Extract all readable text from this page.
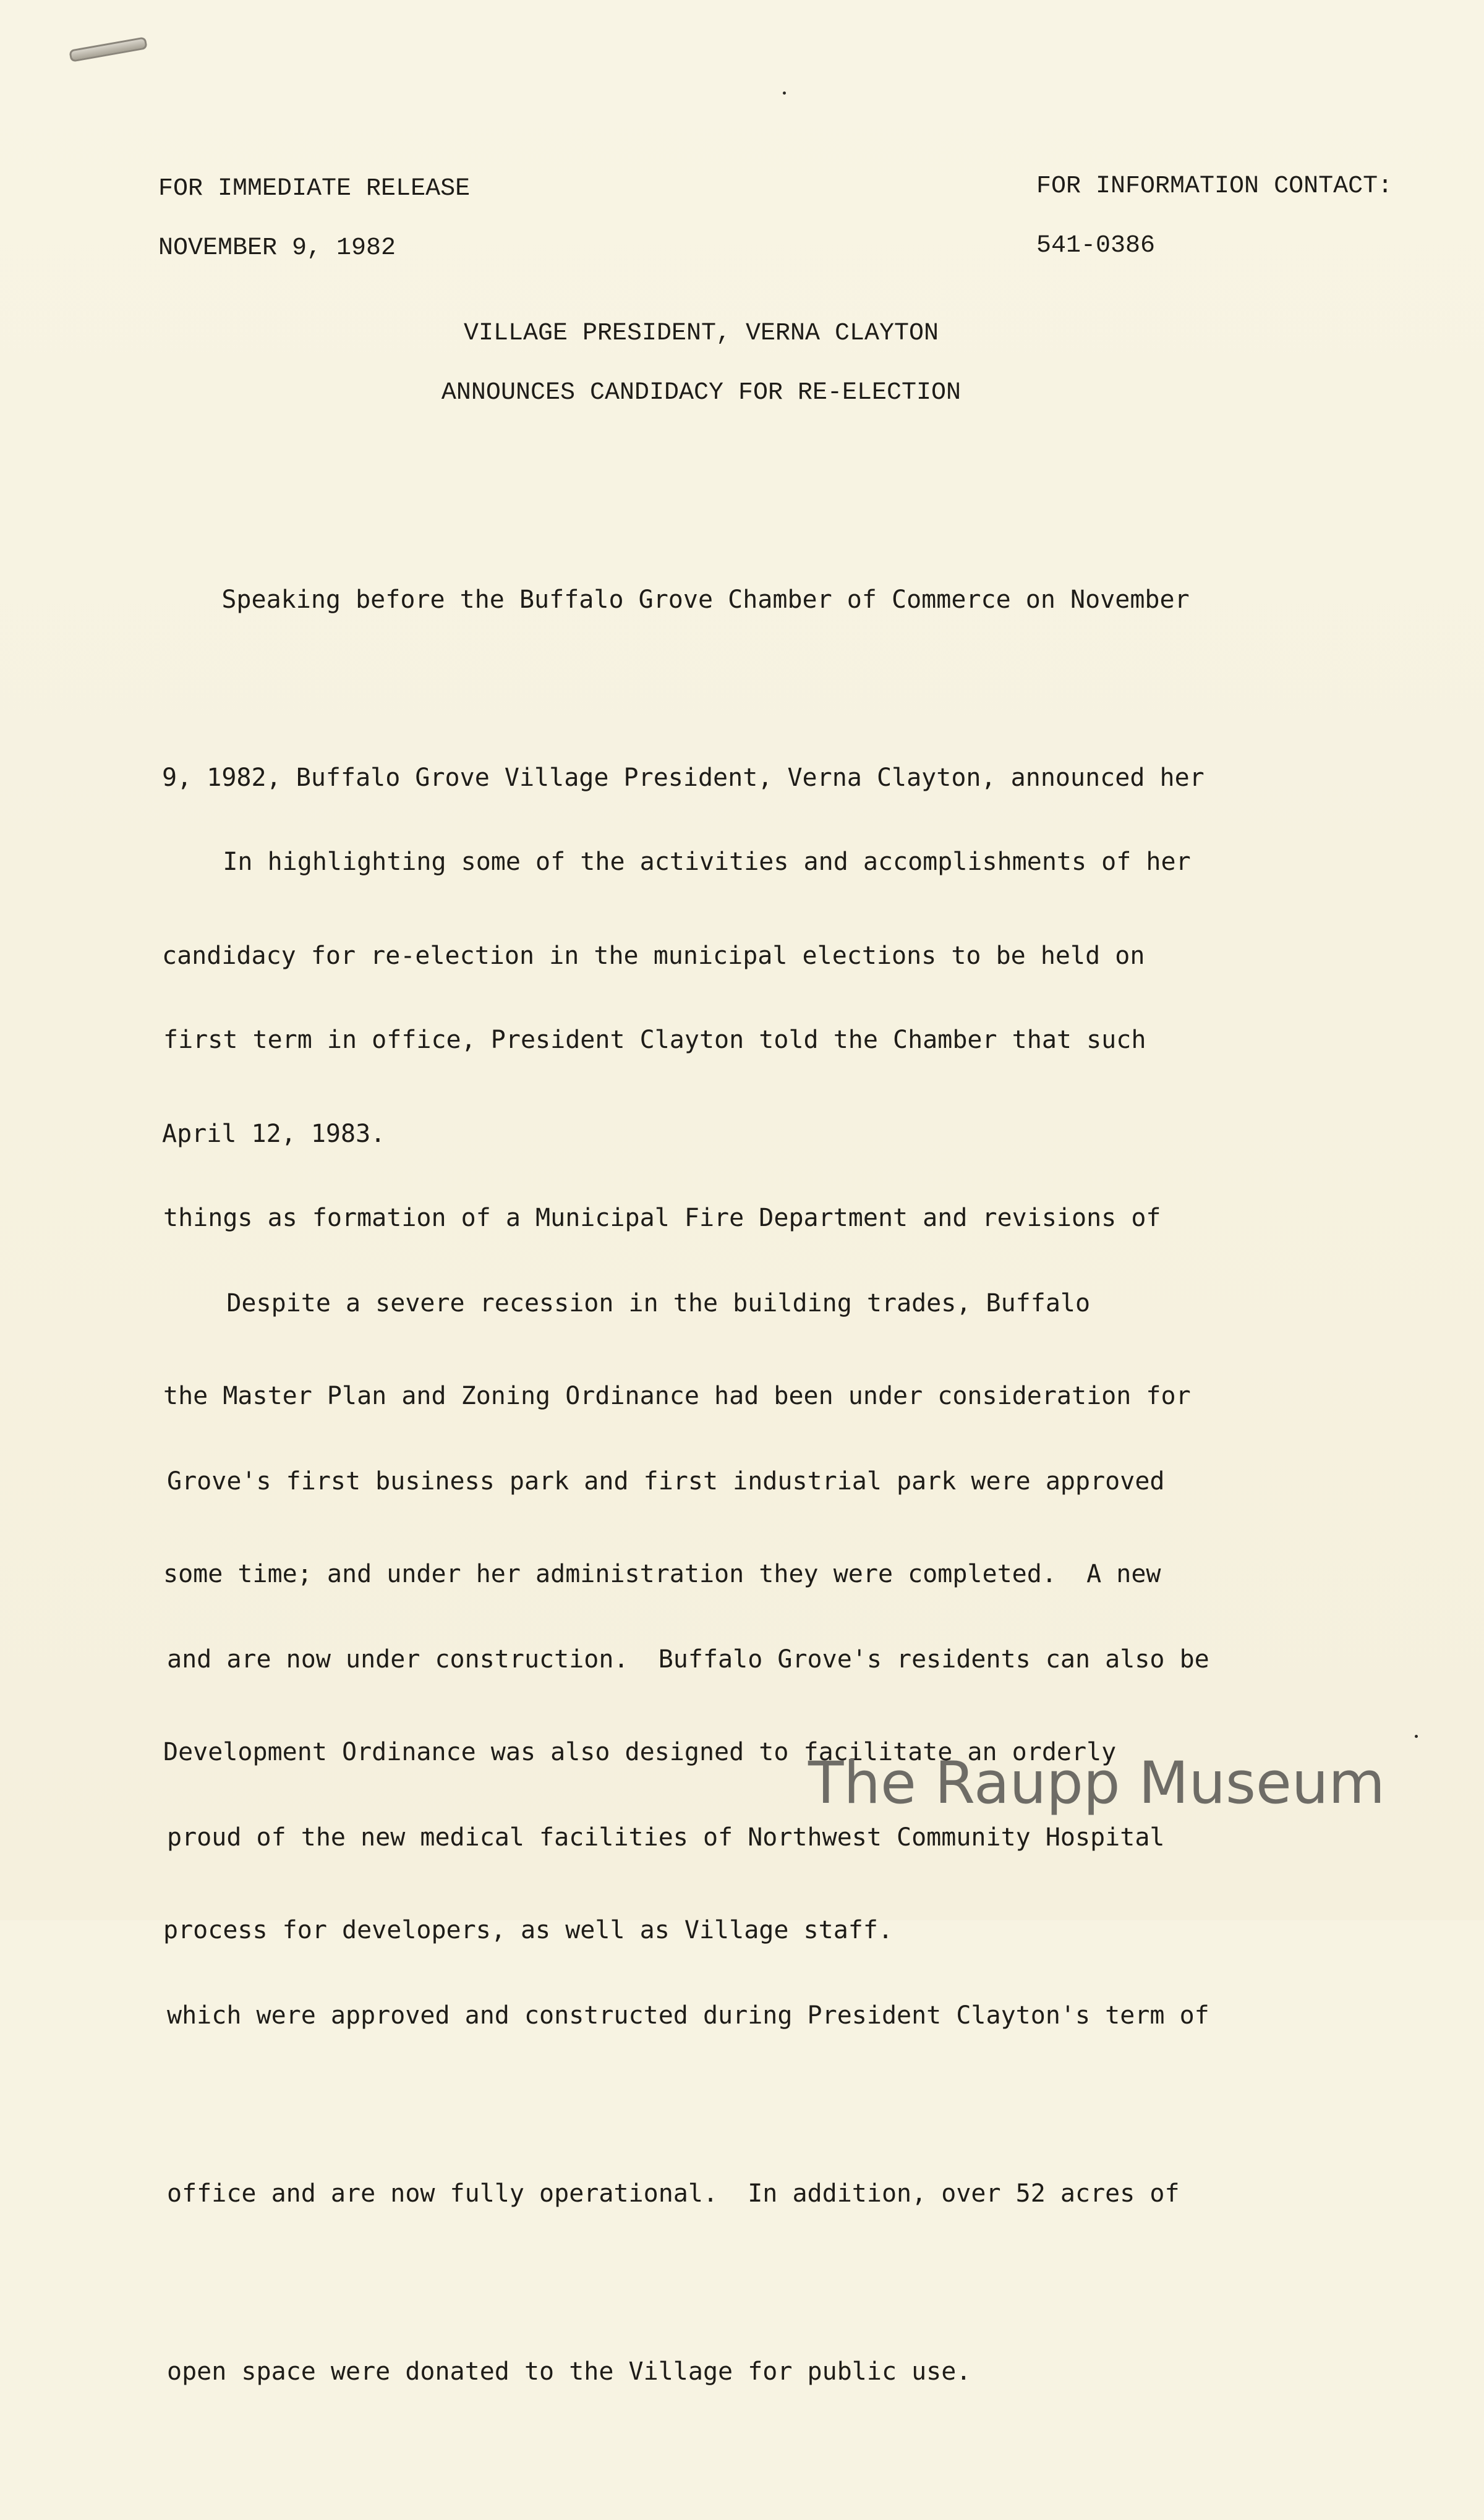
FOR IMMEDIATE RELEASE
NOVEMBER 9, 1982
FOR INFORMATION CONTACT:
541-0386
VILLAGE PRESIDENT, VERNA CLAYTON
ANNOUNCES CANDIDACY FOR RE-ELECTION

Speaking before the Buffalo Grove Chamber of Commerce on November

9, 1982, Buffalo Grove Village President, Verna Clayton, announced her

candidacy for re-election in the municipal elections to be held on

April 12, 1983.

In highlighting some of the activities and accomplishments of her

first term in office, President Clayton told the Chamber that such

things as formation of a Municipal Fire Department and revisions of

the Master Plan and Zoning Ordinance had been under consideration for

some time; and under her administration they were completed.  A new

Development Ordinance was also designed to facilitate an orderly

process for developers, as well as Village staff.

Despite a severe recession in the building trades, Buffalo

Grove's first business park and first industrial park were approved

and are now under construction.  Buffalo Grove's residents can also be

proud of the new medical facilities of Northwest Community Hospital

which were approved and constructed during President Clayton's term of

office and are now fully operational.  In addition, over 52 acres of

open space were donated to the Village for public use.

The Raupp Museum
